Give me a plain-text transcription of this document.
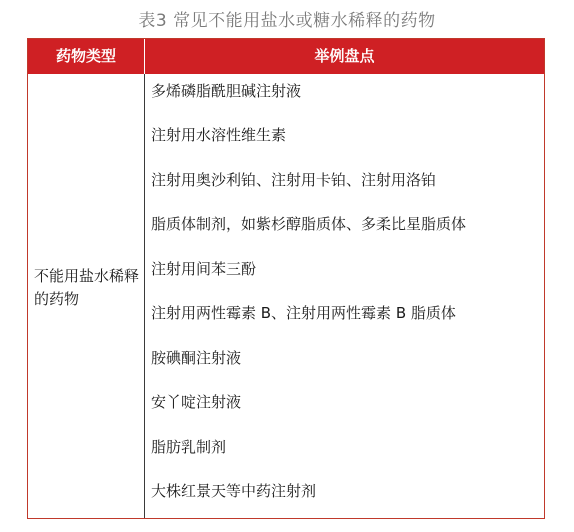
表3 常见不能用盐水或糖水稀释的药物
药物类型	举例盘点
不能用盐水稀释的药物
多烯磷脂酰胆碱注射液
注射用水溶性维生素
注射用奥沙利铂、注射用卡铂、注射用洛铂
脂质体制剂，如紫杉醇脂质体、多柔比星脂质体
注射用间苯三酚
注射用两性霉素 B、注射用两性霉素 B 脂质体
胺碘酮注射液
安丫啶注射液
脂肪乳制剂
大株红景天等中药注射剂
